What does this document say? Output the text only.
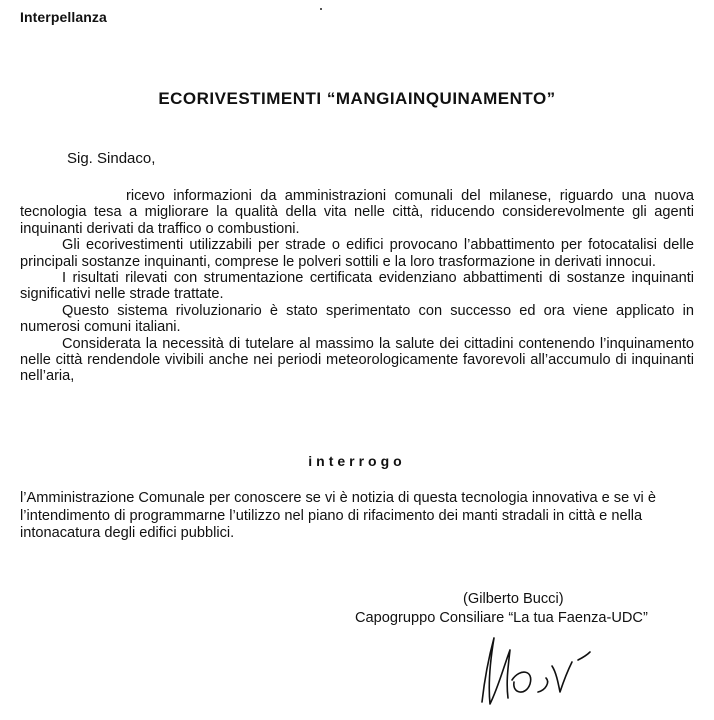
Interpellanza
ECORIVESTIMENTI “MANGIAINQUINAMENTO”
Sig. Sindaco,

ricevo informazioni da amministrazioni comunali del milanese, riguardo una nuova tecnologia tesa a migliorare la qualità della vita nelle città, riducendo considerevolmente gli agenti inquinanti derivati da traffico o combustioni.

Gli ecorivestimenti utilizzabili per strade o edifici provocano l’abbattimento per fotocatalisi delle principali sostanze inquinanti, comprese le polveri sottili e la loro trasformazione in derivati innocui.

I risultati rilevati con strumentazione certificata evidenziano abbattimenti di sostanze inquinanti significativi nelle strade trattate.

Questo sistema rivoluzionario è stato sperimentato con successo ed ora viene applicato in numerosi comuni italiani.

Considerata la necessità di tutelare al massimo la salute dei cittadini contenendo l’inquinamento nelle città rendendole vivibili anche nei periodi meteorologicamente favorevoli all’accumulo di inquinanti nell’aria,

interrogo

l’Amministrazione Comunale per conoscere se vi è notizia di questa tecnologia innovativa e se vi è l’intendimento di programmarne l’utilizzo nel piano di rifacimento dei manti stradali in città e nella intonacatura degli edifici pubblici.

(Gilberto Bucci)
Capogruppo Consiliare “La tua Faenza-UDC”
